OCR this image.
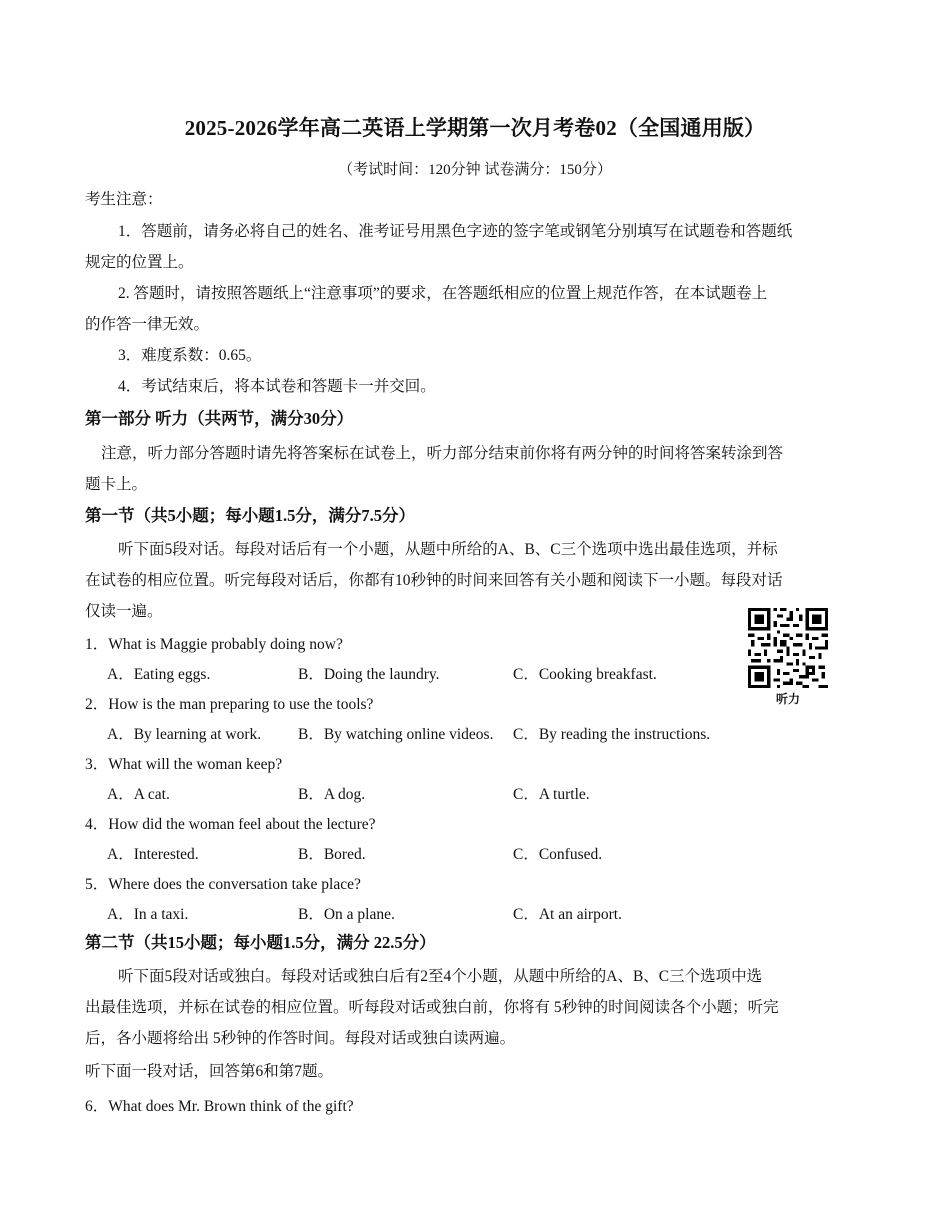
2025-2026学年高二英语上学期第一次月考卷02（全国通用版）
（考试时间：120分钟 试卷满分：150分）
考生注意：
1．答题前，请务必将自己的姓名、准考证号用黑色字迹的签字笔或钢笔分别填写在试题卷和答题纸
规定的位置上。
2. 答题时，请按照答题纸上“注意事项”的要求，在答题纸相应的位置上规范作答，在本试题卷上
的作答一律无效。
3．难度系数：0.65。
4．考试结束后，将本试卷和答题卡一并交回。
第一部分 听力（共两节，满分30分）
注意，听力部分答题时请先将答案标在试卷上，听力部分结束前你将有两分钟的时间将答案转涂到答
题卡上。
第一节（共5小题；每小题1.5分，满分7.5分）
听下面5段对话。每段对话后有一个小题，从题中所给的A、B、C三个选项中选出最佳选项，并标
在试卷的相应位置。听完每段对话后，你都有10秒钟的时间来回答有关小题和阅读下一小题。每段对话
仅读一遍。
1．What is Maggie probably doing now?
A．Eating eggs.	B．Doing the laundry.	C．Cooking breakfast.
2．How is the man preparing to use the tools?
A．By learning at work. B．By watching online videos. C．By reading the instructions.
3．What will the woman keep?
A．A cat.	B．A dog.	C．A turtle.
4．How did the woman feel about the lecture?
A．Interested.	B．Bored.	C．Confused.
5．Where does the conversation take place?
A．In a taxi.	B．On a plane.	C．At an airport.
听力
第二节（共15小题；每小题1.5分，满分 22.5分）
听下面5段对话或独白。每段对话或独白后有2至4个小题，从题中所给的A、B、C三个选项中选
出最佳选项，并标在试卷的相应位置。听每段对话或独白前，你将有 5秒钟的时间阅读各个小题；听完
后，各小题将给出 5秒钟的作答时间。每段对话或独白读两遍。
听下面一段对话，回答第6和第7题。
6．What does Mr. Brown think of the gift?
